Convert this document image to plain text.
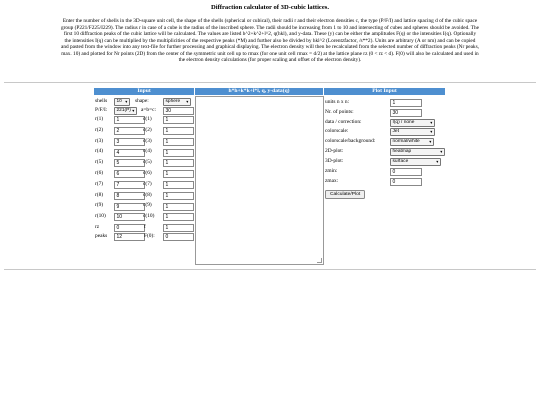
Diffraction calculator of 3D-cubic lattices.
Enter the number of shells in the 3D-square unit cell, the shape of the shells (spherical or cubical), their radii r and their electron densities c, the type (P/F/I) and lattice spacing d of the cubic space
group (P221/F225/I229). The radius r in case of a cube is the radius of the inscribed sphere. The radii should be increasing from 1 to 10 and intersecting of cubes and spheres should be avoided. The
first 10 diffraction peaks of the cubic lattice will be calculated. The values are listed h^2+k^2+l^2, q(hkl), and y-data. These (y) can be either the amplitudes F(q) or the intensities I(q). Optionally
the intensities I(q) can be multiplied by the multiplicities of the respective peaks (*M) and further also be divided by hkl^2 (Lorentzfactor, /s**2). Units are arbitrary (A or nm) and can be copied
and pasted from the window into any text-file for further processing and graphical displaying. The electron density will then be recalculated from the selected number of diffraction peaks (Nr peaks,
max. 10) and plotted for Nr points (2D) from the center of the symmetric unit cell up to rmax (for one unit cell rmax = d/2) at the lattice plane rz (0 < rz < d). F(0) will also be calculated and used in
the electron density calculations (for proper scaling and offset of the electron density).
Input	h*h+k*k+l*l, q, y-data(q)	Plot Input
shells	10 ▾ shape:	sphere ▾
P/F/I:	221(P) ▾ a=b=c:	30
r(1)	1	c(1)	1
r(2)	2	c(2)	1
r(3)	3	c(3)	1
r(4)	4	c(4)	1
r(5)	5	c(5)	1
r(6)	6	c(6)	1
r(7)	7	c(7)	1
r(8)	8	c(8)	1
r(9)	9	c(9)	1
r(10)	10	c(10)	1
rz	0	f	1
peaks	12	F(0):	0
units n x n:	1
Nr. of points:	30
data / correction:	I(q) / none	▾
colorscale:	Jet	▾
colorscale/background:	normal/white ▾
2D-plot:	heatmap	▾
3D-plot:	surface	▾
zmin:	0
zmax:	0
Calculate/Plot
